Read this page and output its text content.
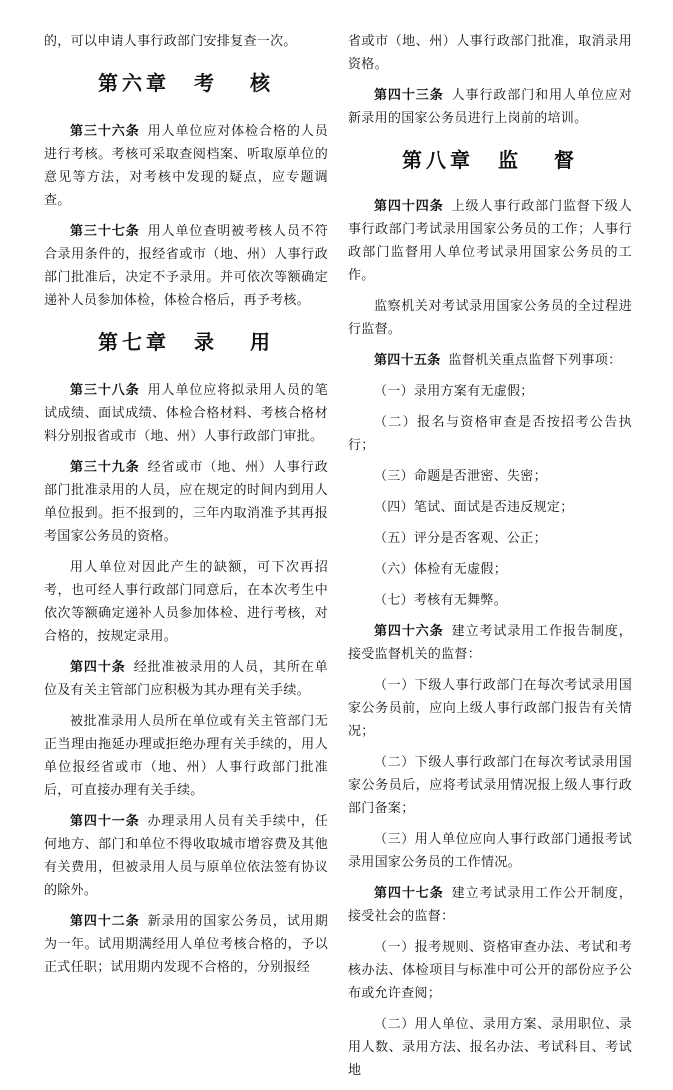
的，可以申请人事行政部门安排复查一次。

第六章　考 核

第三十六条 用人单位应对体检合格的人员进行考核。考核可采取查阅档案、听取原单位的意见等方法，对考核中发现的疑点，应专题调查。

第三十七条 用人单位查明被考核人员不符合录用条件的，报经省或市（地、州）人事行政部门批准后，决定不予录用。并可依次等额确定递补人员参加体检，体检合格后，再予考核。

第七章　录 用

第三十八条 用人单位应将拟录用人员的笔试成绩、面试成绩、体检合格材料、考核合格材料分别报省或市（地、州）人事行政部门审批。

第三十九条 经省或市（地、州）人事行政部门批准录用的人员，应在规定的时间内到用人单位报到。拒不报到的，三年内取消准予其再报考国家公务员的资格。

用人单位对因此产生的缺额，可下次再招考，也可经人事行政部门同意后，在本次考生中依次等额确定递补人员参加体检、进行考核，对合格的，按规定录用。

第四十条 经批准被录用的人员，其所在单位及有关主管部门应积极为其办理有关手续。

被批准录用人员所在单位或有关主管部门无正当理由拖延办理或拒绝办理有关手续的，用人单位报经省或市（地、州）人事行政部门批准后，可直接办理有关手续。

第四十一条 办理录用人员有关手续中，任何地方、部门和单位不得收取城市增容费及其他有关费用，但被录用人员与原单位依法签有协议的除外。

第四十二条 新录用的国家公务员，试用期为一年。试用期满经用人单位考核合格的，予以正式任职；试用期内发现不合格的，分别报经

省或市（地、州）人事行政部门批准，取消录用资格。

第四十三条 人事行政部门和用人单位应对新录用的国家公务员进行上岗前的培训。

第八章　监 督

第四十四条 上级人事行政部门监督下级人事行政部门考试录用国家公务员的工作；人事行政部门监督用人单位考试录用国家公务员的工作。

监察机关对考试录用国家公务员的全过程进行监督。

第四十五条 监督机关重点监督下列事项：

（一）录用方案有无虚假；

（二）报名与资格审查是否按招考公告执行；

（三）命题是否泄密、失密；

（四）笔试、面试是否违反规定；

（五）评分是否客观、公正；

（六）体检有无虚假；

（七）考核有无舞弊。

第四十六条 建立考试录用工作报告制度，接受监督机关的监督：

（一）下级人事行政部门在每次考试录用国家公务员前，应向上级人事行政部门报告有关情况；

（二）下级人事行政部门在每次考试录用国家公务员后，应将考试录用情况报上级人事行政部门备案；

（三）用人单位应向人事行政部门通报考试录用国家公务员的工作情况。

第四十七条 建立考试录用工作公开制度，接受社会的监督：

（一）报考规则、资格审查办法、考试和考核办法、体检项目与标准中可公开的部份应予公布或允许查阅；

（二）用人单位、录用方案、录用职位、录用人数、录用方法、报名办法、考试科目、考试地
